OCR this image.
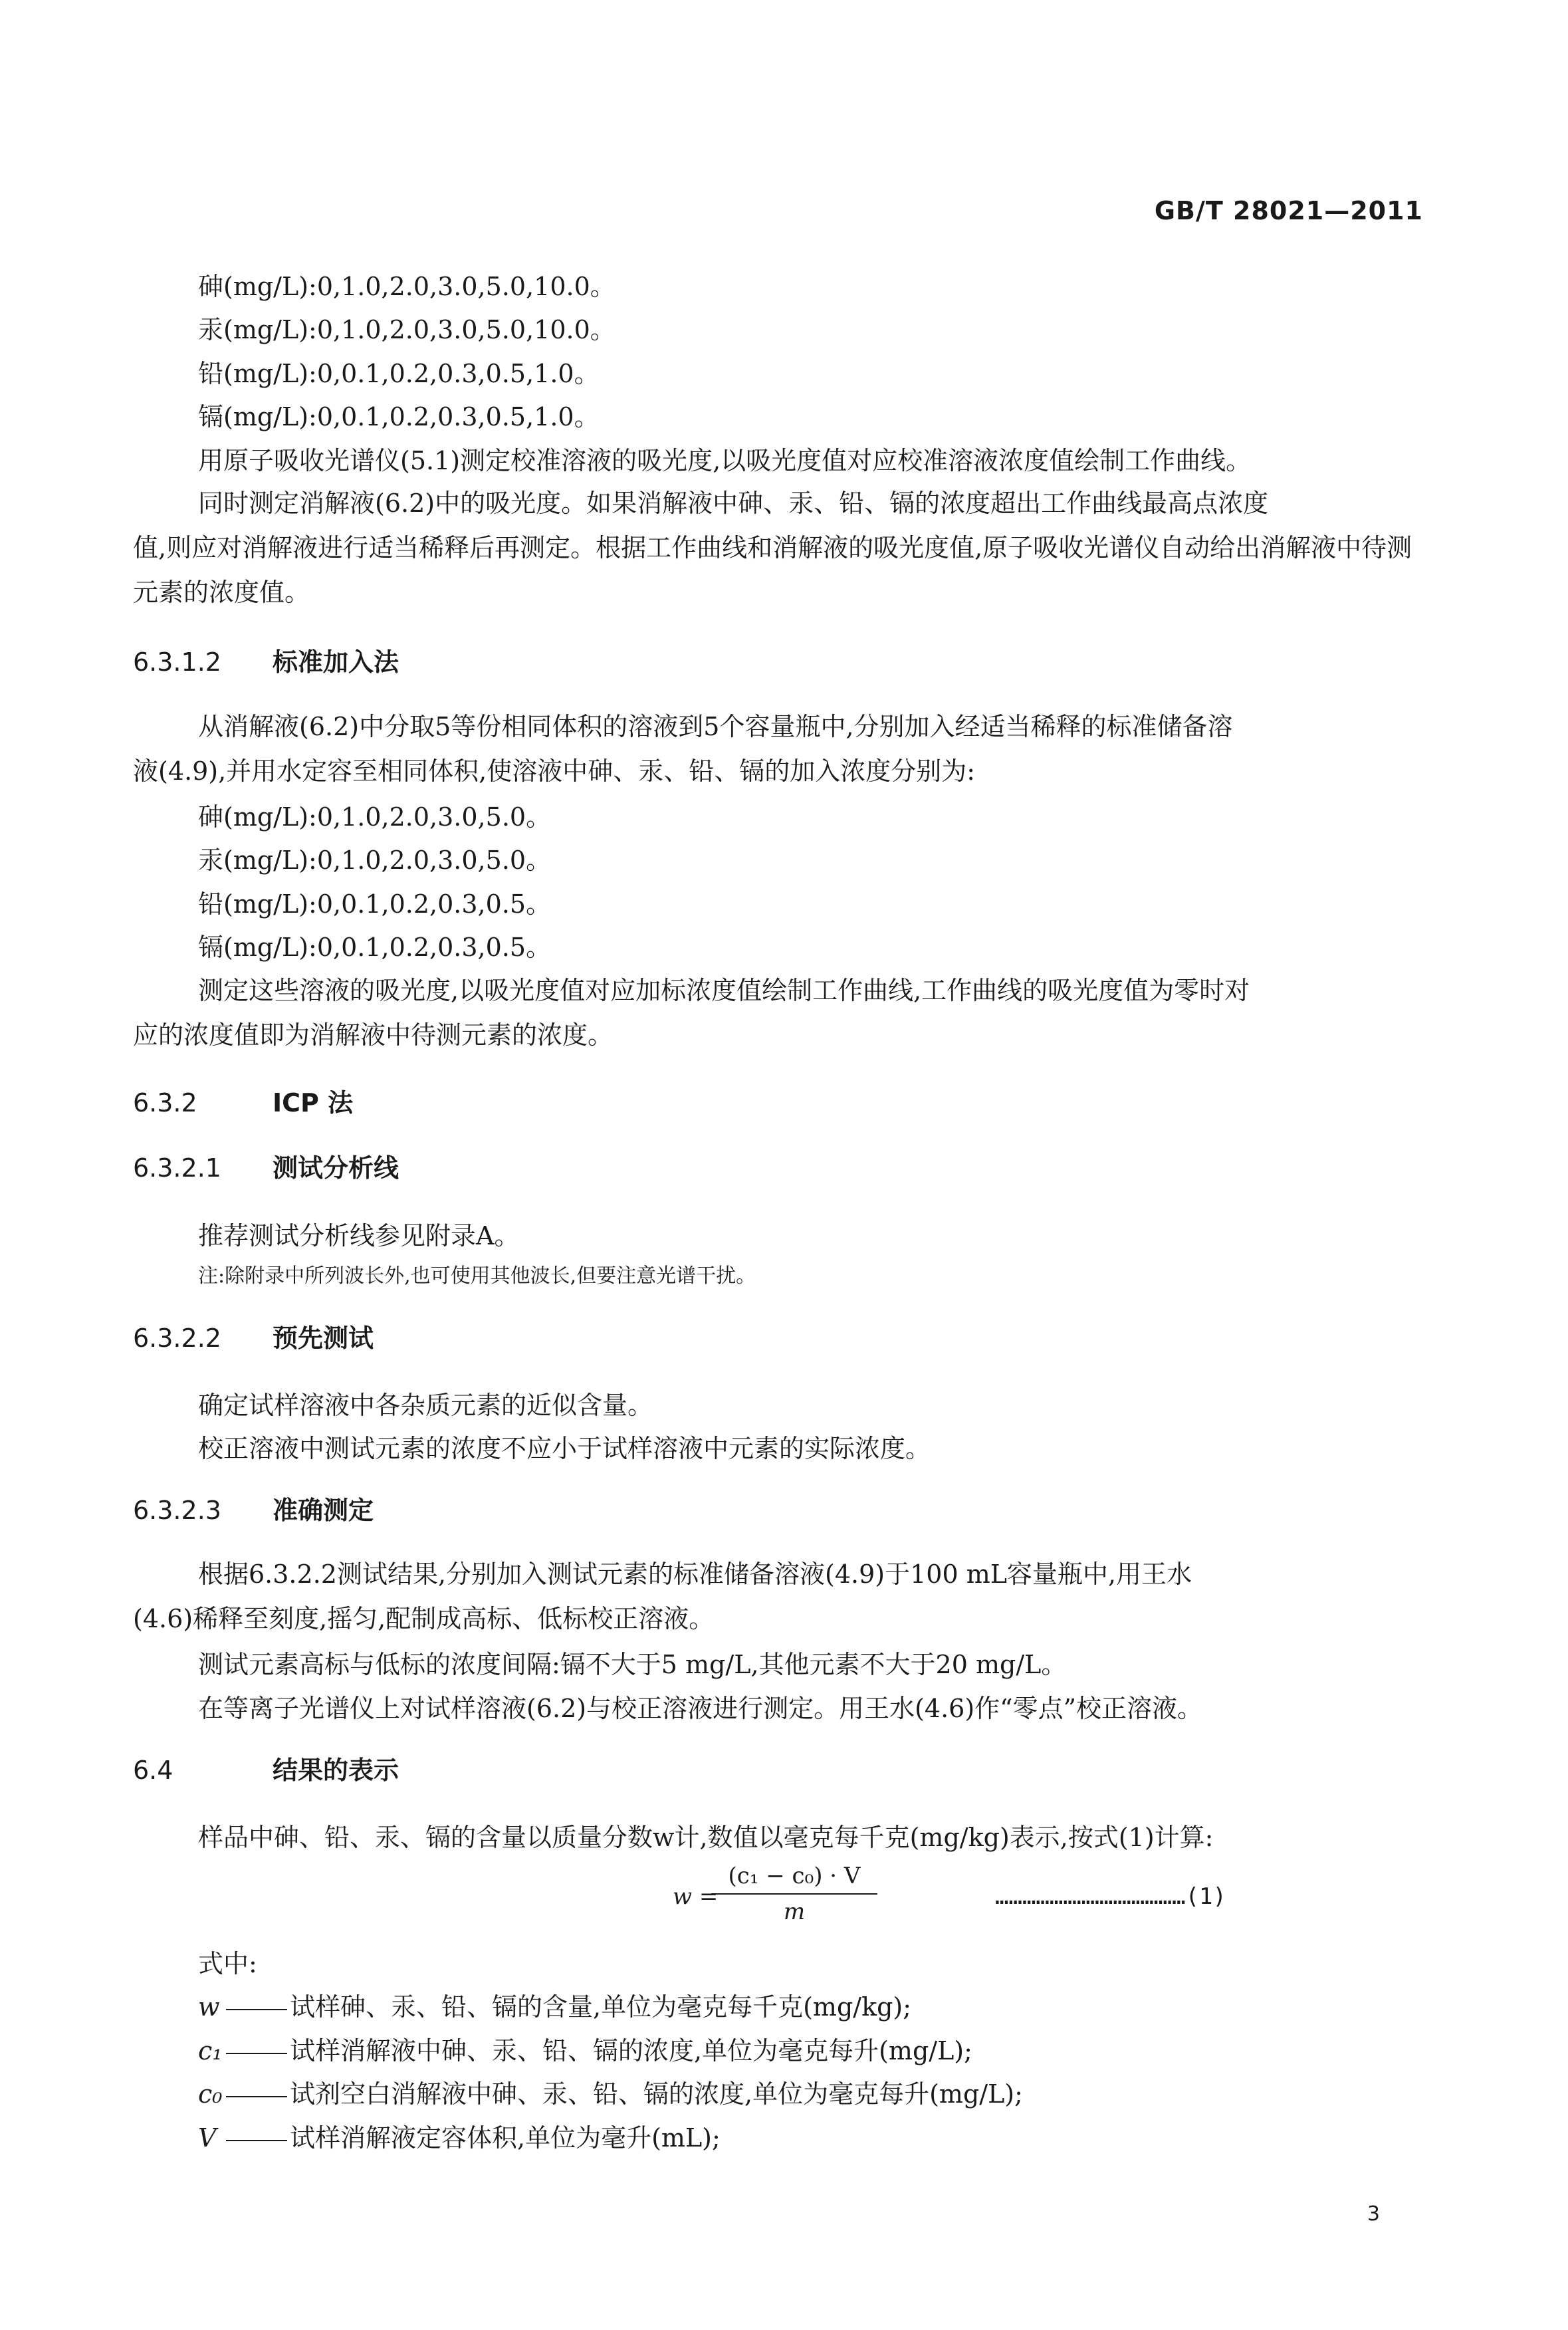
GB/T 28021—2011
砷(mg/L):0,1.0,2.0,3.0,5.0,10.0。
汞(mg/L):0,1.0,2.0,3.0,5.0,10.0。
铅(mg/L):0,0.1,0.2,0.3,0.5,1.0。
镉(mg/L):0,0.1,0.2,0.3,0.5,1.0。
用原子吸收光谱仪(5.1)测定校准溶液的吸光度,以吸光度值对应校准溶液浓度值绘制工作曲线。
同时测定消解液(6.2)中的吸光度。如果消解液中砷、汞、铅、镉的浓度超出工作曲线最高点浓度
值,则应对消解液进行适当稀释后再测定。根据工作曲线和消解液的吸光度值,原子吸收光谱仪自动给出消解液中待测元素的浓度值。
6.3.1.2 标准加入法
从消解液(6.2)中分取5等份相同体积的溶液到5个容量瓶中,分别加入经适当稀释的标准储备溶
液(4.9),并用水定容至相同体积,使溶液中砷、汞、铅、镉的加入浓度分别为:
砷(mg/L):0,1.0,2.0,3.0,5.0。
汞(mg/L):0,1.0,2.0,3.0,5.0。
铅(mg/L):0,0.1,0.2,0.3,0.5。
镉(mg/L):0,0.1,0.2,0.3,0.5。
测定这些溶液的吸光度,以吸光度值对应加标浓度值绘制工作曲线,工作曲线的吸光度值为零时对
应的浓度值即为消解液中待测元素的浓度。
6.3.2	ICP 法
6.3.2.1 测试分析线
推荐测试分析线参见附录A。
注:除附录中所列波长外,也可使用其他波长,但要注意光谱干扰。
6.3.2.2 预先测试
确定试样溶液中各杂质元素的近似含量。
校正溶液中测试元素的浓度不应小于试样溶液中元素的实际浓度。
6.3.2.3 准确测定
根据6.3.2.2测试结果,分别加入测试元素的标准储备溶液(4.9)于100 mL容量瓶中,用王水
(4.6)稀释至刻度,摇匀,配制成高标、低标校正溶液。
测试元素高标与低标的浓度间隔:镉不大于5 mg/L,其他元素不大于20 mg/L。
在等离子光谱仪上对试样溶液(6.2)与校正溶液进行测定。用王水(4.6)作“零点”校正溶液。
6.4	结果的表示
样品中砷、铅、汞、镉的含量以质量分数w计,数值以毫克每千克(mg/kg)表示,按式(1)计算:
w =
(c₁ − c₀) · V
m
……………………………………(1)
式中:
w	试样砷、汞、铅、镉的含量,单位为毫克每千克(mg/kg);
c₁	试样消解液中砷、汞、铅、镉的浓度,单位为毫克每升(mg/L);
c₀	试剂空白消解液中砷、汞、铅、镉的浓度,单位为毫克每升(mg/L);
V	试样消解液定容体积,单位为毫升(mL);
3
